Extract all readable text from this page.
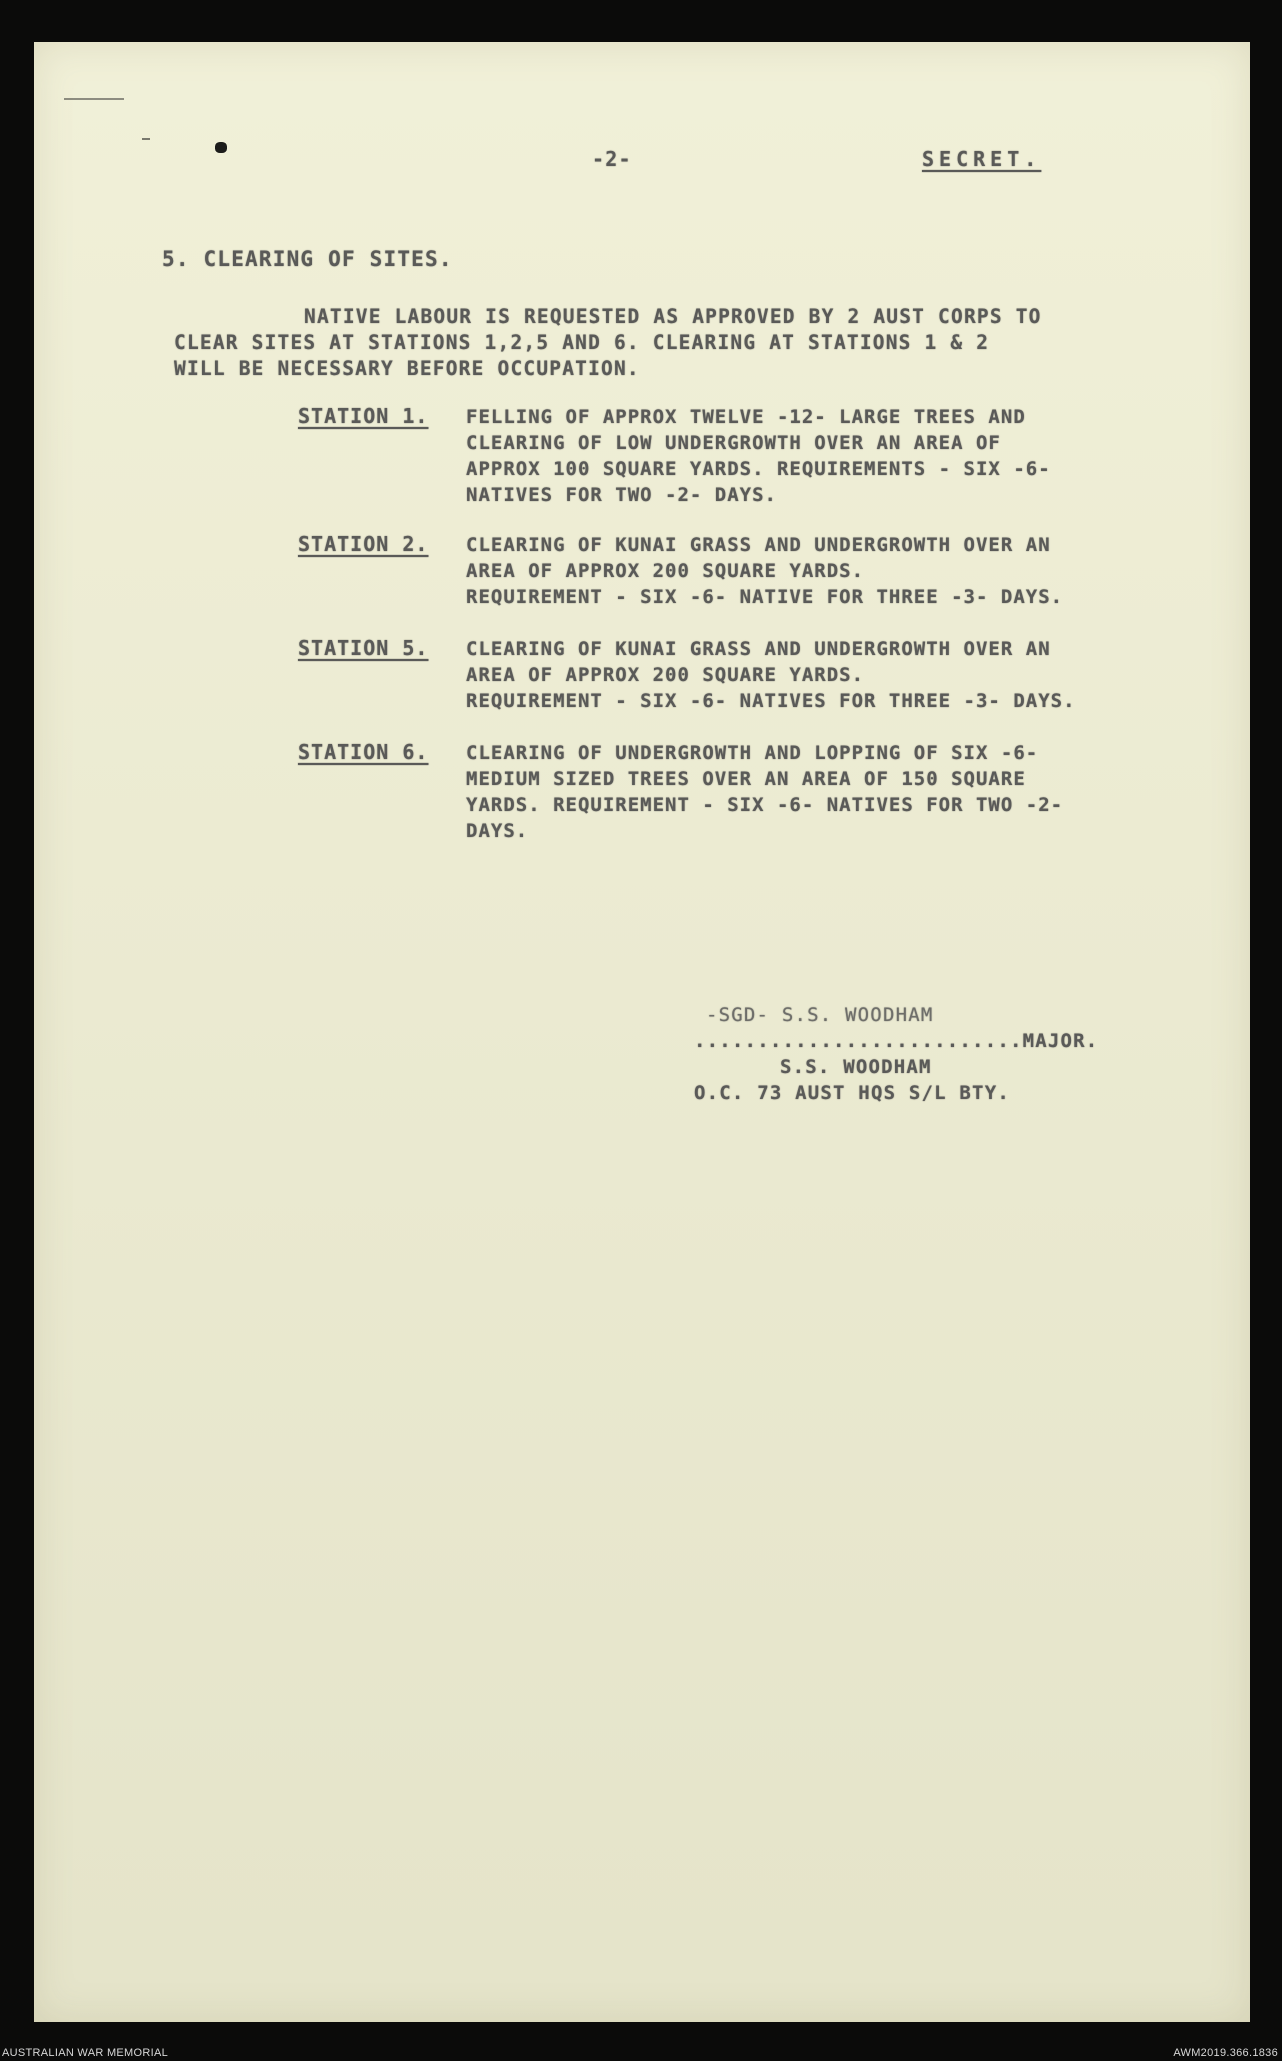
-2-	SECRET.

5. CLEARING OF SITES.

NATIVE LABOUR IS REQUESTED AS APPROVED BY 2 AUST CORPS TO
CLEAR SITES AT STATIONS 1,2,5 AND 6. CLEARING AT STATIONS 1 & 2
WILL BE NECESSARY BEFORE OCCUPATION.
STATION 1. FELLING OF APPROX TWELVE -12- LARGE TREES AND
CLEARING OF LOW UNDERGROWTH OVER AN AREA OF
APPROX 100 SQUARE YARDS. REQUIREMENTS - SIX -6-
NATIVES FOR TWO -2- DAYS.
STATION 2. CLEARING OF KUNAI GRASS AND UNDERGROWTH OVER AN
AREA OF APPROX 200 SQUARE YARDS.
REQUIREMENT - SIX -6- NATIVE FOR THREE -3- DAYS.
STATION 5. CLEARING OF KUNAI GRASS AND UNDERGROWTH OVER AN
AREA OF APPROX 200 SQUARE YARDS.
REQUIREMENT - SIX -6- NATIVES FOR THREE -3- DAYS.
STATION 6. CLEARING OF UNDERGROWTH AND LOPPING OF SIX -6-
MEDIUM SIZED TREES OVER AN AREA OF 150 SQUARE
YARDS. REQUIREMENT - SIX -6- NATIVES FOR TWO -2-
DAYS.
-SGD- S.S. WOODHAM
..........................MAJOR.
S.S. WOODHAM
O.C. 73 AUST HQS S/L BTY.
AUSTRALIAN WAR MEMORIAL	AWM2019.366.1836
